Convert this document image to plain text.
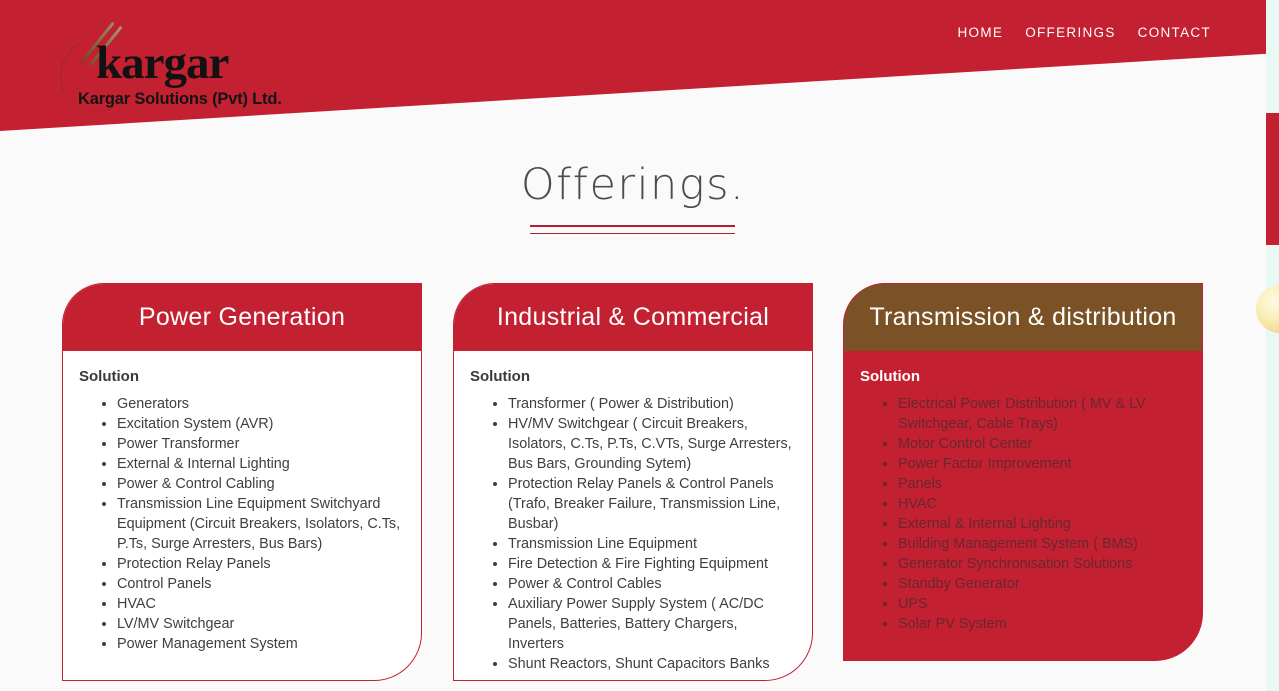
HOME OFFERINGS CONTACT
kargar
Kargar Solutions (Pvt) Ltd.
Offerings.
Power Generation
Solution
• Generators
• Excitation System (AVR)
• Power Transformer
• External & Internal Lighting
• Power & Control Cabling
• Transmission Line Equipment Switchyard Equipment (Circuit Breakers, Isolators, C.Ts, P.Ts, Surge Arresters, Bus Bars)
• Protection Relay Panels
• Control Panels
• HVAC
• LV/MV Switchgear
• Power Management System
Industrial & Commercial
Solution
• Transformer ( Power & Distribution)
• HV/MV Switchgear ( Circuit Breakers, Isolators, C.Ts, P.Ts, C.VTs, Surge Arresters, Bus Bars, Grounding Sytem)
• Protection Relay Panels & Control Panels (Trafo, Breaker Failure, Transmission Line, Busbar)
• Transmission Line Equipment
• Fire Detection & Fire Fighting Equipment
• Power & Control Cables
• Auxiliary Power Supply System ( AC/DC Panels, Batteries, Battery Chargers, Inverters
• Shunt Reactors, Shunt Capacitors Banks
Transmission & distribution
Solution
• Electrical Power Distribution ( MV & LV Switchgear, Cable Trays)
• Motor Control Center
• Power Factor Improvement
• Panels
• HVAC
• External & Internal Lighting
• Building Management System ( BMS)
• Generator Synchronisation Solutions
• Standby Generator
• UPS
• Solar PV System
